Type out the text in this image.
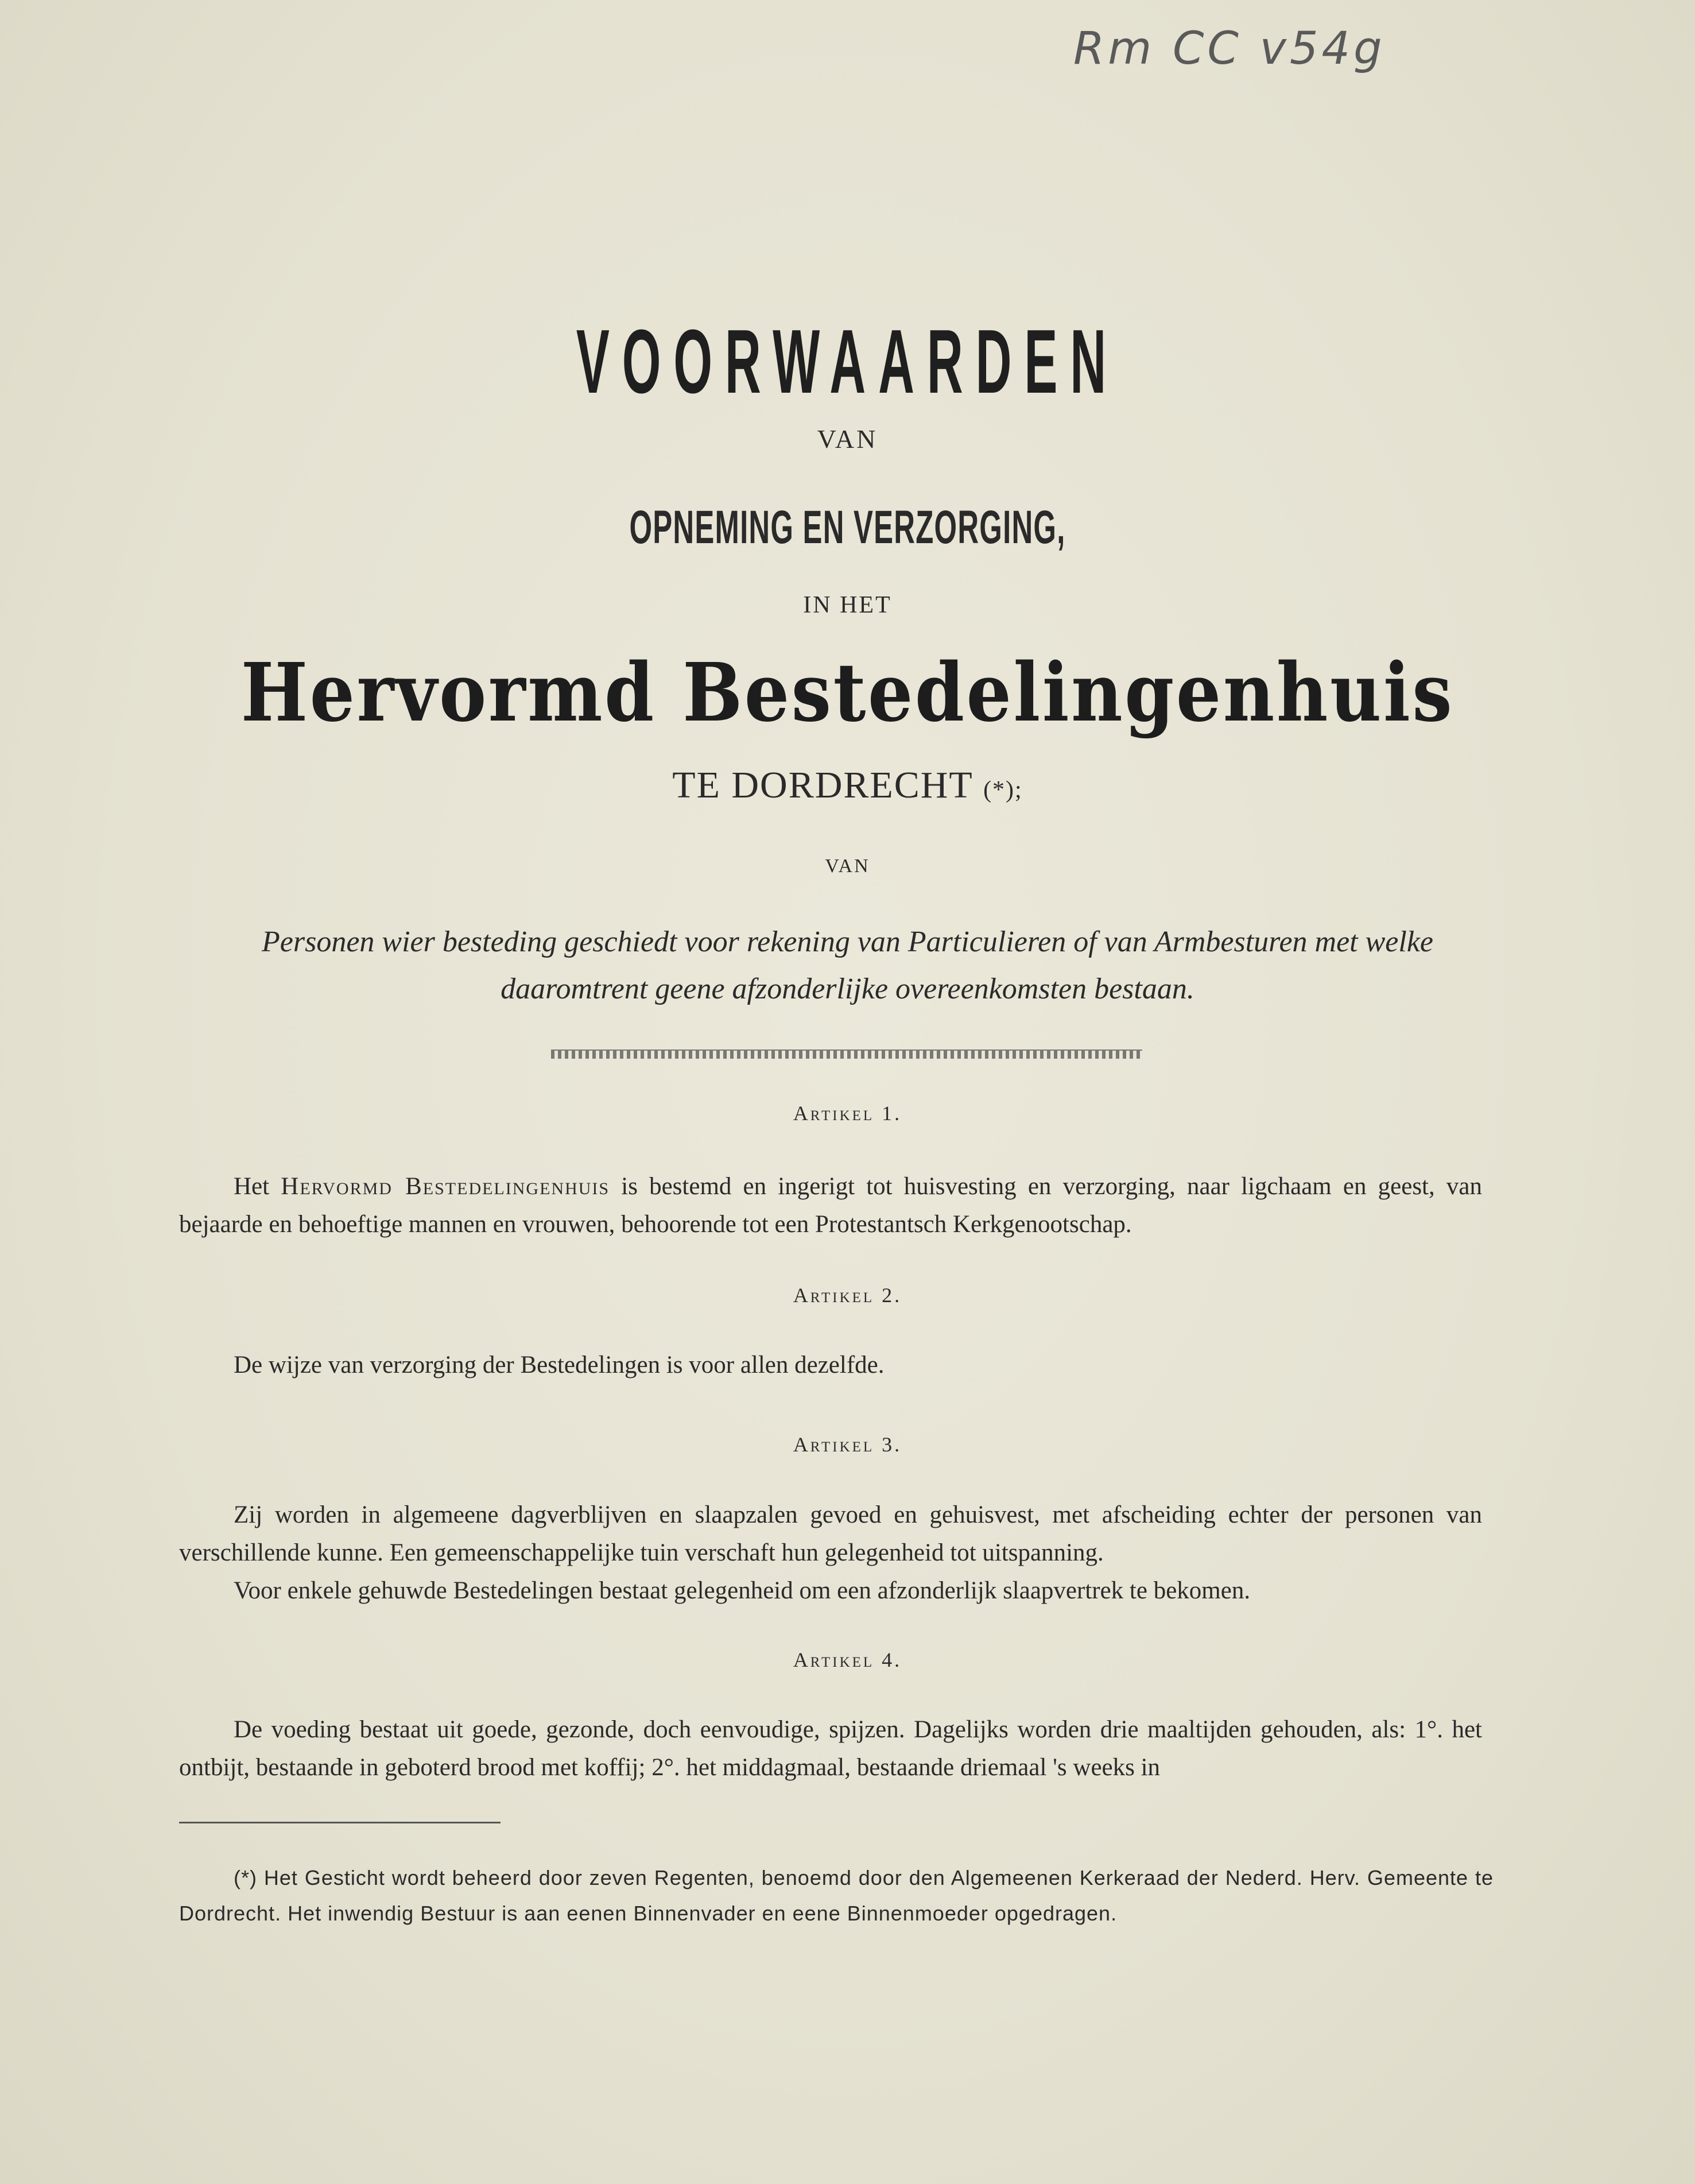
Rm CC v54g
VOORWAARDEN
VAN
OPNEMING EN VERZORGING,
IN HET
Hervormd Bestedelingenhuis
TE DORDRECHT (*);
VAN
Personen wier besteding geschiedt voor rekening van Particulieren of van Armbesturen met welke
daaromtrent geene afzonderlijke overeenkomsten bestaan.
Artikel 1.
Het Hervormd Bestedelingenhuis is bestemd en ingerigt tot huisvesting en verzorging, naar ligchaam en geest, van bejaarde en behoeftige mannen en vrouwen, behoorende tot een Protestantsch Kerkgenootschap.
Artikel 2.
De wijze van verzorging der Bestedelingen is voor allen dezelfde.
Artikel 3.
Zij worden in algemeene dagverblijven en slaapzalen gevoed en gehuisvest, met afscheiding echter der personen van verschillende kunne. Een gemeenschappelijke tuin verschaft hun gelegenheid tot uitspanning.
Voor enkele gehuwde Bestedelingen bestaat gelegenheid om een afzonderlijk slaapvertrek te bekomen.
Artikel 4.
De voeding bestaat uit goede, gezonde, doch eenvoudige, spijzen. Dagelijks worden drie maaltijden gehouden, als: 1°. het ontbijt, bestaande in geboterd brood met koffij; 2°. het middagmaal, bestaande driemaal 's weeks in
(*) Het Gesticht wordt beheerd door zeven Regenten, benoemd door den Algemeenen Kerkeraad der Nederd. Herv. Gemeente te Dordrecht. Het inwendig Bestuur is aan eenen Binnenvader en eene Binnenmoeder opgedragen.
